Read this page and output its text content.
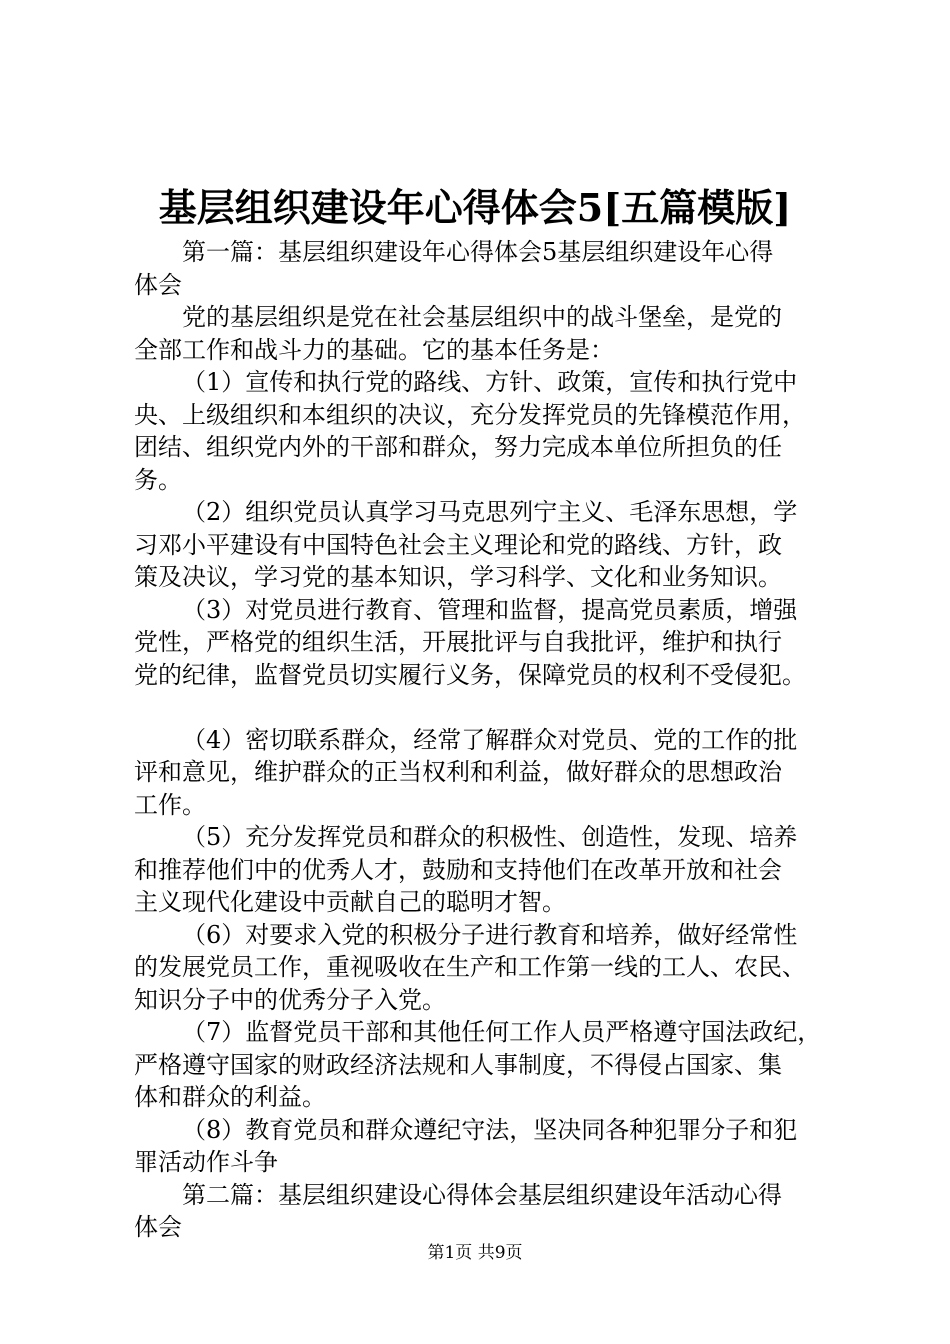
基层组织建设年心得体会5[五篇模版]
第一篇：基层组织建设年心得体会5基层组织建设年心得
体会
党的基层组织是党在社会基层组织中的战斗堡垒，是党的
全部工作和战斗力的基础。它的基本任务是：
（1）宣传和执行党的路线、方针、政策，宣传和执行党中
央、上级组织和本组织的决议，充分发挥党员的先锋模范作用，
团结、组织党内外的干部和群众，努力完成本单位所担负的任
务。
（2）组织党员认真学习马克思列宁主义、毛泽东思想，学
习邓小平建设有中国特色社会主义理论和党的路线、方针，政
策及决议，学习党的基本知识，学习科学、文化和业务知识。
（3）对党员进行教育、管理和监督，提高党员素质，增强
党性，严格党的组织生活，开展批评与自我批评，维护和执行
党的纪律，监督党员切实履行义务，保障党员的权利不受侵犯。
（4）密切联系群众，经常了解群众对党员、党的工作的批
评和意见，维护群众的正当权利和利益，做好群众的思想政治
工作。
（5）充分发挥党员和群众的积极性、创造性，发现、培养
和推荐他们中的优秀人才，鼓励和支持他们在改革开放和社会
主义现代化建设中贡献自己的聪明才智。
（6）对要求入党的积极分子进行教育和培养，做好经常性
的发展党员工作，重视吸收在生产和工作第一线的工人、农民、
知识分子中的优秀分子入党。
（7）监督党员干部和其他任何工作人员严格遵守国法政纪，
严格遵守国家的财政经济法规和人事制度，不得侵占国家、集
体和群众的利益。
（8）教育党员和群众遵纪守法，坚决同各种犯罪分子和犯
罪活动作斗争
第二篇：基层组织建设心得体会基层组织建设年活动心得
体会
第1页 共9页
